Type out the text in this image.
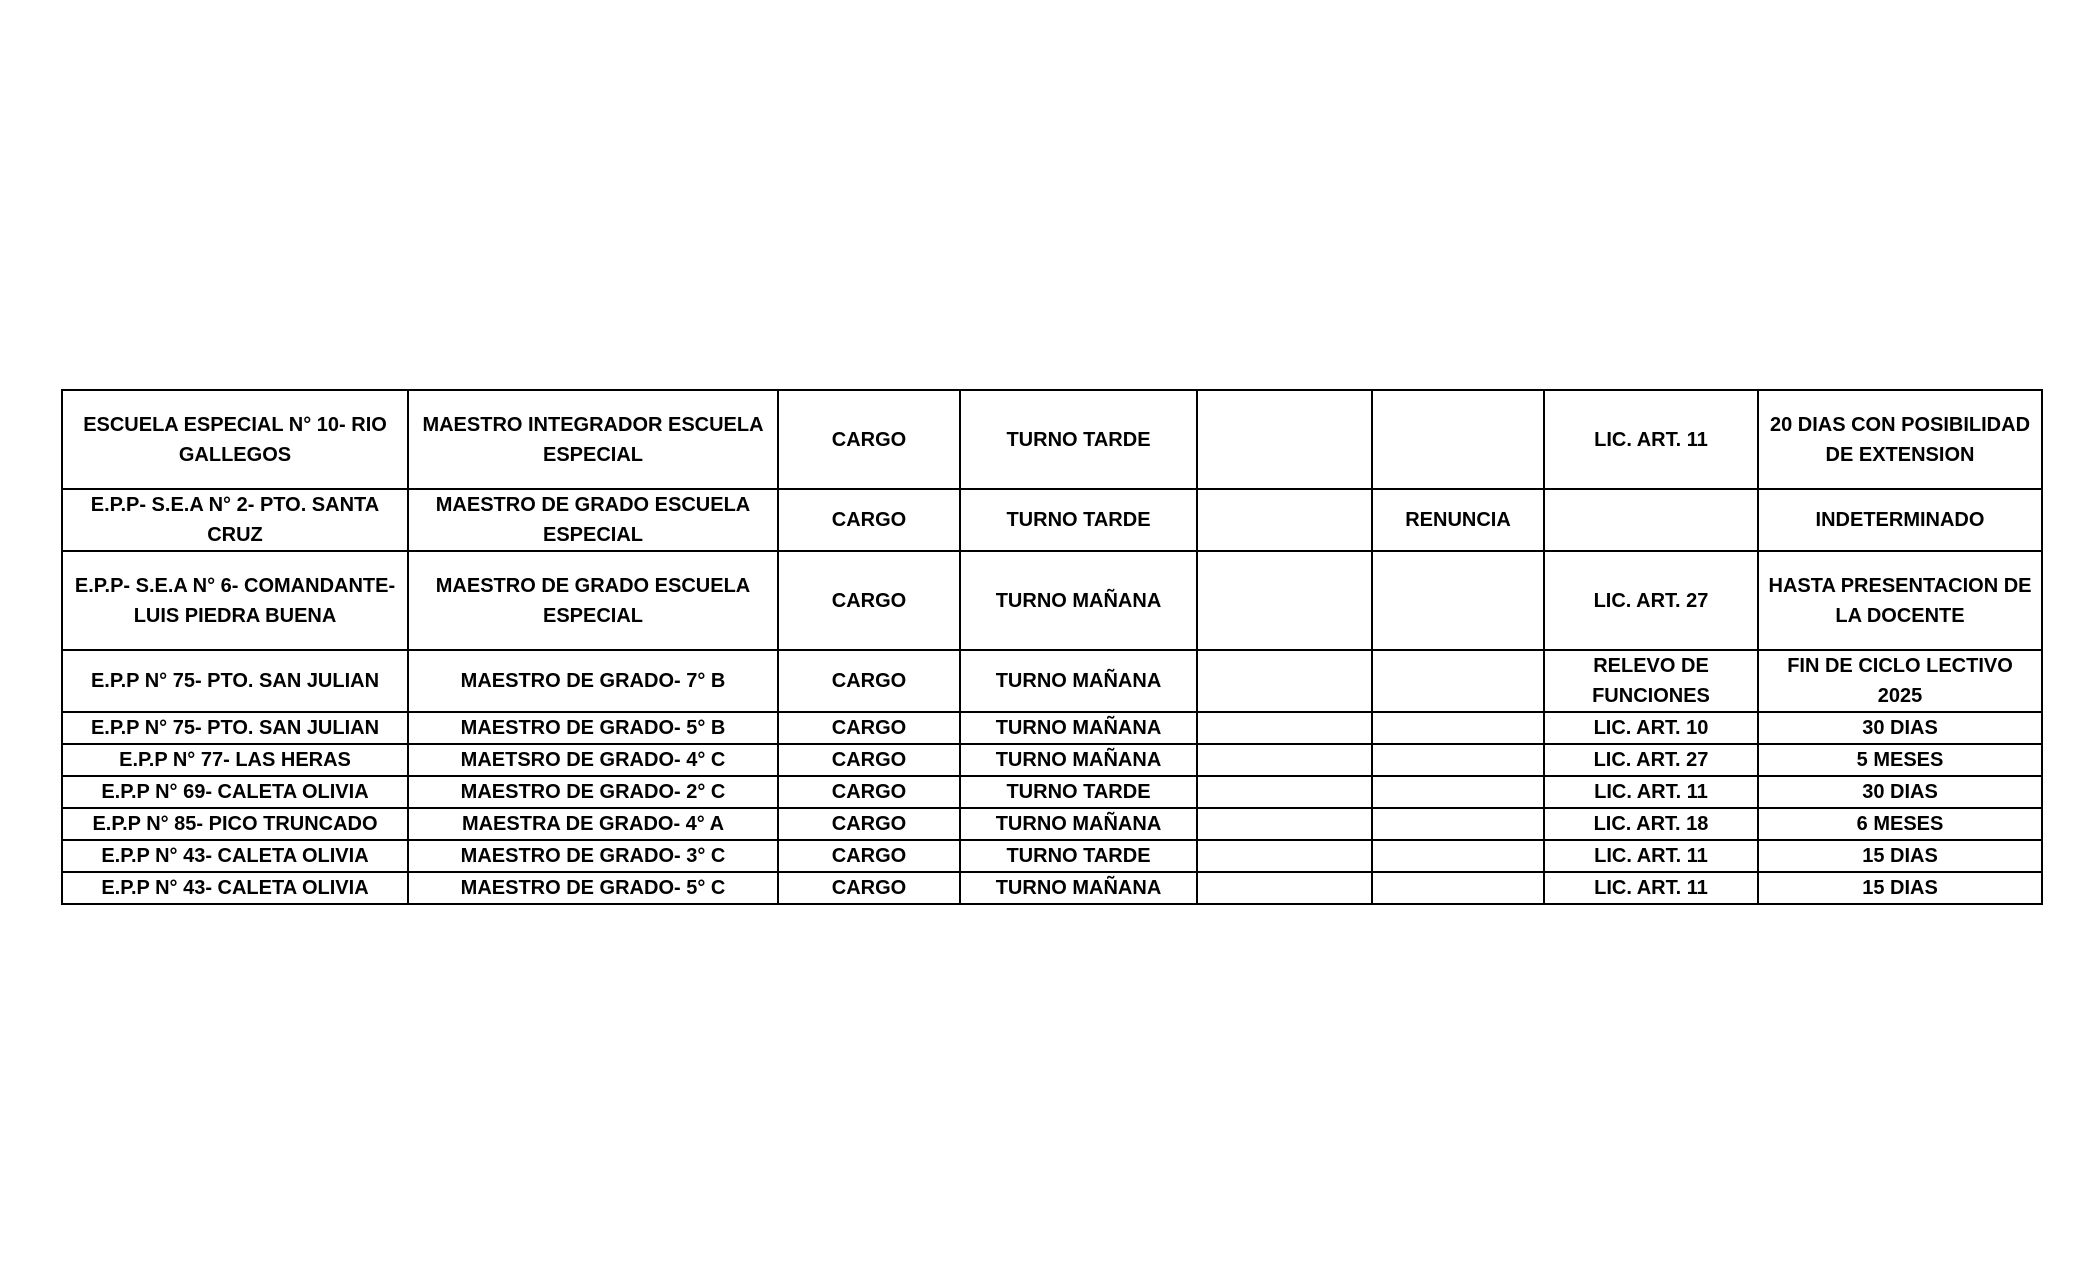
ESCUELA ESPECIAL N° 10- RIO GALLEGOS	MAESTRO INTEGRADOR ESCUELA ESPECIAL	CARGO	TURNO TARDE			LIC. ART. 11	20 DIAS CON POSIBILIDAD DE EXTENSION
E.P.P- S.E.A N° 2- PTO. SANTA CRUZ	MAESTRO DE GRADO ESCUELA ESPECIAL	CARGO	TURNO TARDE		RENUNCIA		INDETERMINADO
E.P.P- S.E.A N° 6- COMANDANTE- LUIS PIEDRA BUENA	MAESTRO DE GRADO ESCUELA ESPECIAL	CARGO	TURNO MAÑANA			LIC. ART. 27	HASTA PRESENTACION DE LA DOCENTE
E.P.P N° 75- PTO. SAN JULIAN	MAESTRO DE GRADO- 7° B	CARGO	TURNO MAÑANA			RELEVO DE FUNCIONES	FIN DE CICLO LECTIVO 2025
E.P.P N° 75- PTO. SAN JULIAN	MAESTRO DE GRADO- 5° B	CARGO	TURNO MAÑANA			LIC. ART. 10	30 DIAS
E.P.P N° 77- LAS HERAS	MAETSRO DE GRADO- 4° C	CARGO	TURNO MAÑANA			LIC. ART. 27	5 MESES
E.P.P N° 69- CALETA OLIVIA	MAESTRO DE GRADO- 2° C	CARGO	TURNO TARDE			LIC. ART. 11	30 DIAS
E.P.P N° 85- PICO TRUNCADO	MAESTRA DE GRADO- 4° A	CARGO	TURNO MAÑANA			LIC. ART. 18	6 MESES
E.P.P N° 43- CALETA OLIVIA	MAESTRO DE GRADO- 3° C	CARGO	TURNO TARDE			LIC. ART. 11	15 DIAS
E.P.P N° 43- CALETA OLIVIA	MAESTRO DE GRADO- 5° C	CARGO	TURNO MAÑANA			LIC. ART. 11	15 DIAS
